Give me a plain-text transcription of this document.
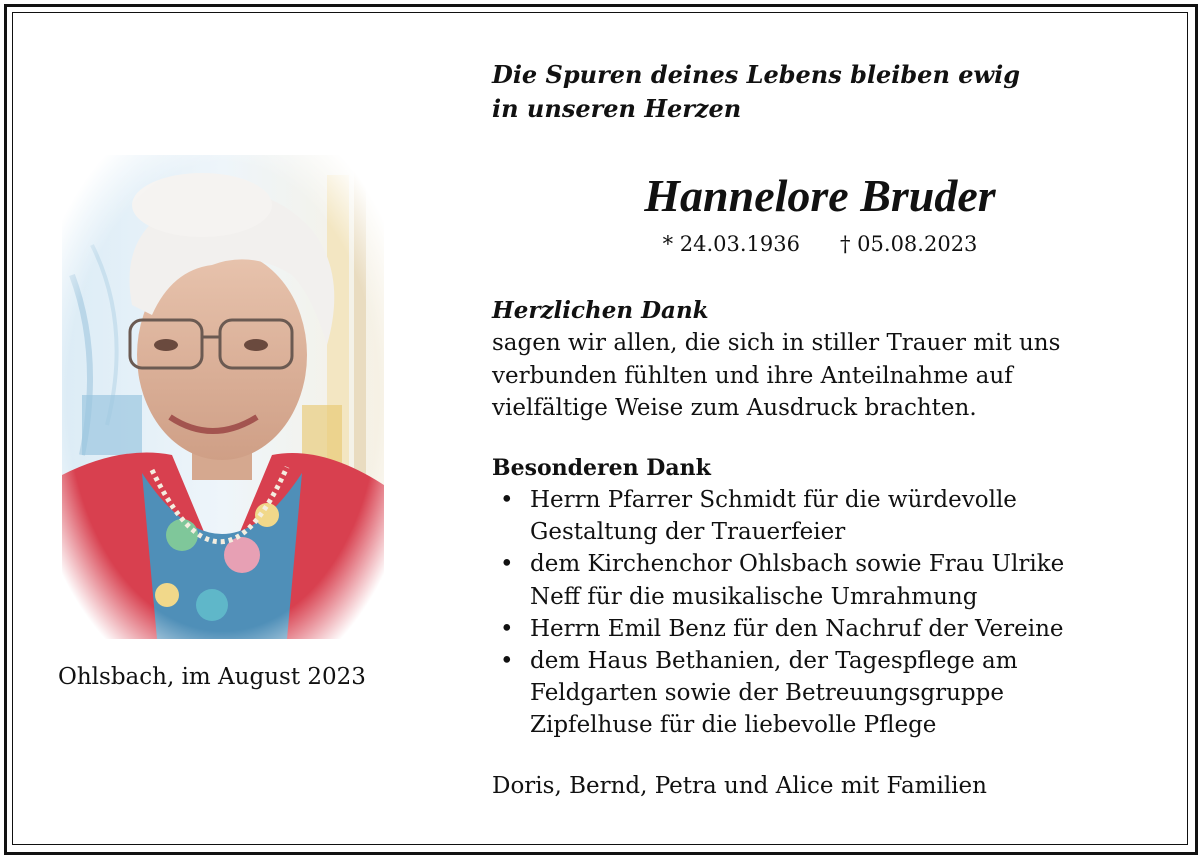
Die Spuren deines Lebens bleiben ewig
in unseren Herzen
Hannelore Bruder
* 24.03.1936 † 05.08.2023
Ohlsbach, im August 2023
Herzlichen Dank
sagen wir allen, die sich in stiller Trauer mit uns
verbunden fühlten und ihre Anteilnahme auf
vielfältige Weise zum Ausdruck brachten.
Besonderen Dank
• Herrn Pfarrer Schmidt für die würdevolle
Gestaltung der Trauerfeier
• dem Kirchenchor Ohlsbach sowie Frau Ulrike
Neff für die musikalische Umrahmung
• Herrn Emil Benz für den Nachruf der Vereine
• dem Haus Bethanien, der Tagespflege am
Feldgarten sowie der Betreuungsgruppe
Zipfelhuse für die liebevolle Pflege
Doris, Bernd, Petra und Alice mit Familien
